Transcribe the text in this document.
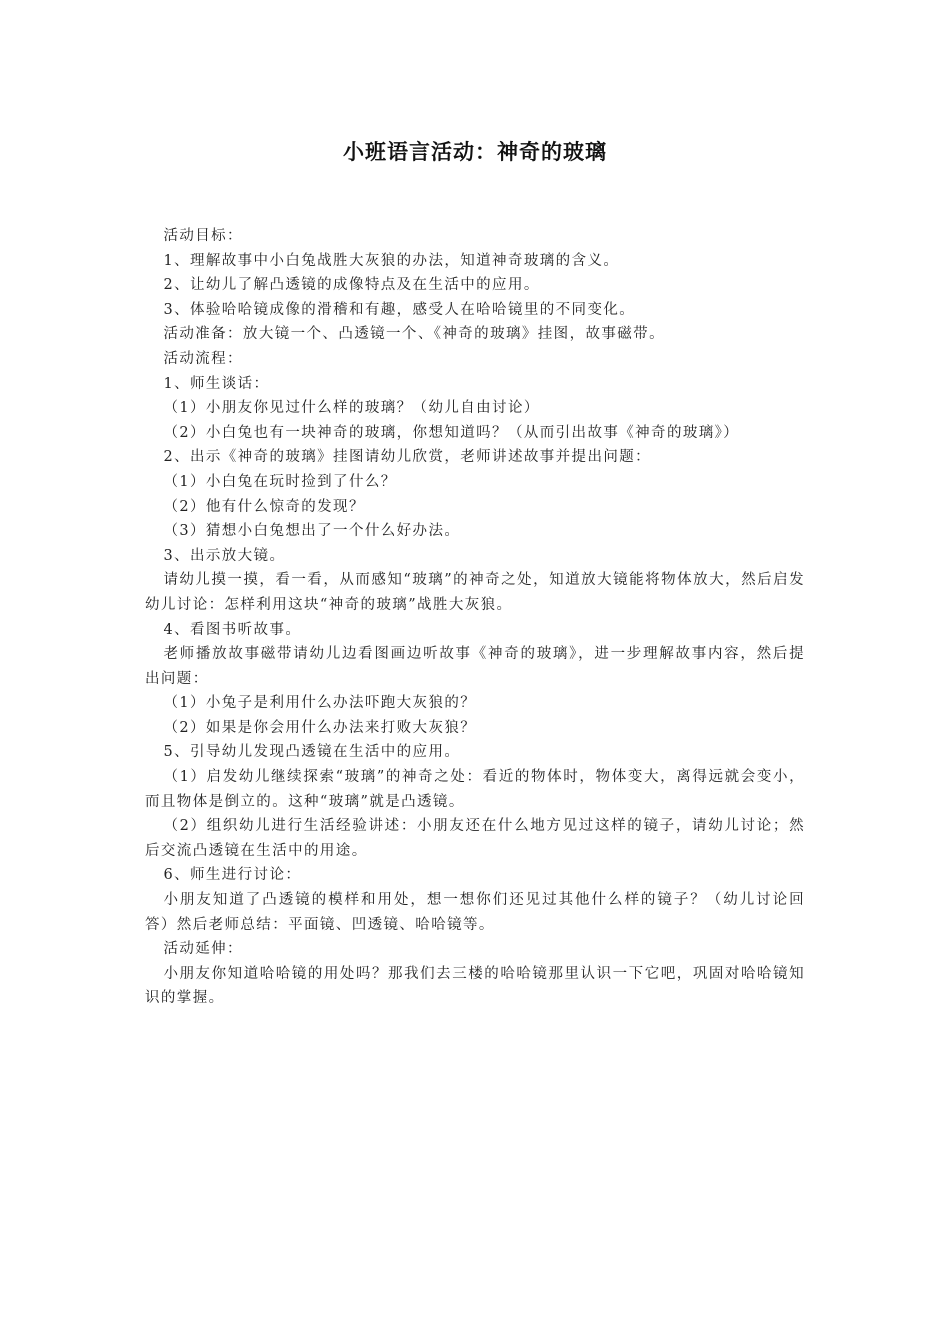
小班语言活动：神奇的玻璃

活动目标：

1、理解故事中小白兔战胜大灰狼的办法，知道神奇玻璃的含义。

2、让幼儿了解凸透镜的成像特点及在生活中的应用。

3、体验哈哈镜成像的滑稽和有趣，感受人在哈哈镜里的不同变化。

活动准备：放大镜一个、凸透镜一个、《神奇的玻璃》挂图，故事磁带。

活动流程：

1、师生谈话：

（1）小朋友你见过什么样的玻璃？（幼儿自由讨论）

（2）小白兔也有一块神奇的玻璃，你想知道吗？（从而引出故事《神奇的玻璃》）

2、出示《神奇的玻璃》挂图请幼儿欣赏，老师讲述故事并提出问题：

（1）小白兔在玩时捡到了什么？

（2）他有什么惊奇的发现？

（3）猜想小白兔想出了一个什么好办法。

3、出示放大镜。

请幼儿摸一摸，看一看，从而感知“玻璃”的神奇之处，知道放大镜能将物体放大，然后启发幼儿讨论：怎样利用这块“神奇的玻璃”战胜大灰狼。

4、看图书听故事。

老师播放故事磁带请幼儿边看图画边听故事《神奇的玻璃》，进一步理解故事内容，然后提出问题：

（1）小兔子是利用什么办法吓跑大灰狼的？

（2）如果是你会用什么办法来打败大灰狼？

5、引导幼儿发现凸透镜在生活中的应用。

（1）启发幼儿继续探索“玻璃”的神奇之处：看近的物体时，物体变大，离得远就会变小，而且物体是倒立的。这种“玻璃”就是凸透镜。

（2）组织幼儿进行生活经验讲述：小朋友还在什么地方见过这样的镜子，请幼儿讨论；然后交流凸透镜在生活中的用途。

6、师生进行讨论：

小朋友知道了凸透镜的模样和用处，想一想你们还见过其他什么样的镜子？（幼儿讨论回答）然后老师总结：平面镜、凹透镜、哈哈镜等。

活动延伸：

小朋友你知道哈哈镜的用处吗？那我们去三楼的哈哈镜那里认识一下它吧，巩固对哈哈镜知识的掌握。
